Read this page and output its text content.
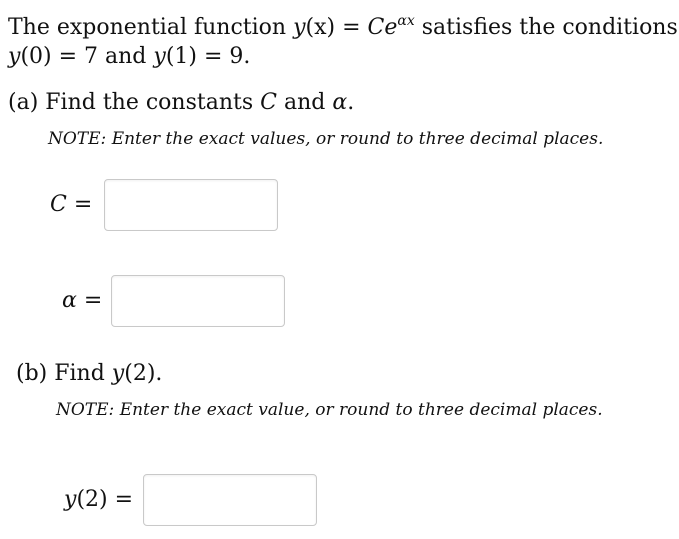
The exponential function $y(x) = Ce^{\alpha x}$ satisfies the conditions
y(0) = 7 and y(1) = 9.
(a) Find the constants C and α.
NOTE: Enter the exact values, or round to three decimal places.
C =
α =
(b) Find y(2).
NOTE: Enter the exact value, or round to three decimal places.
y(2) =
